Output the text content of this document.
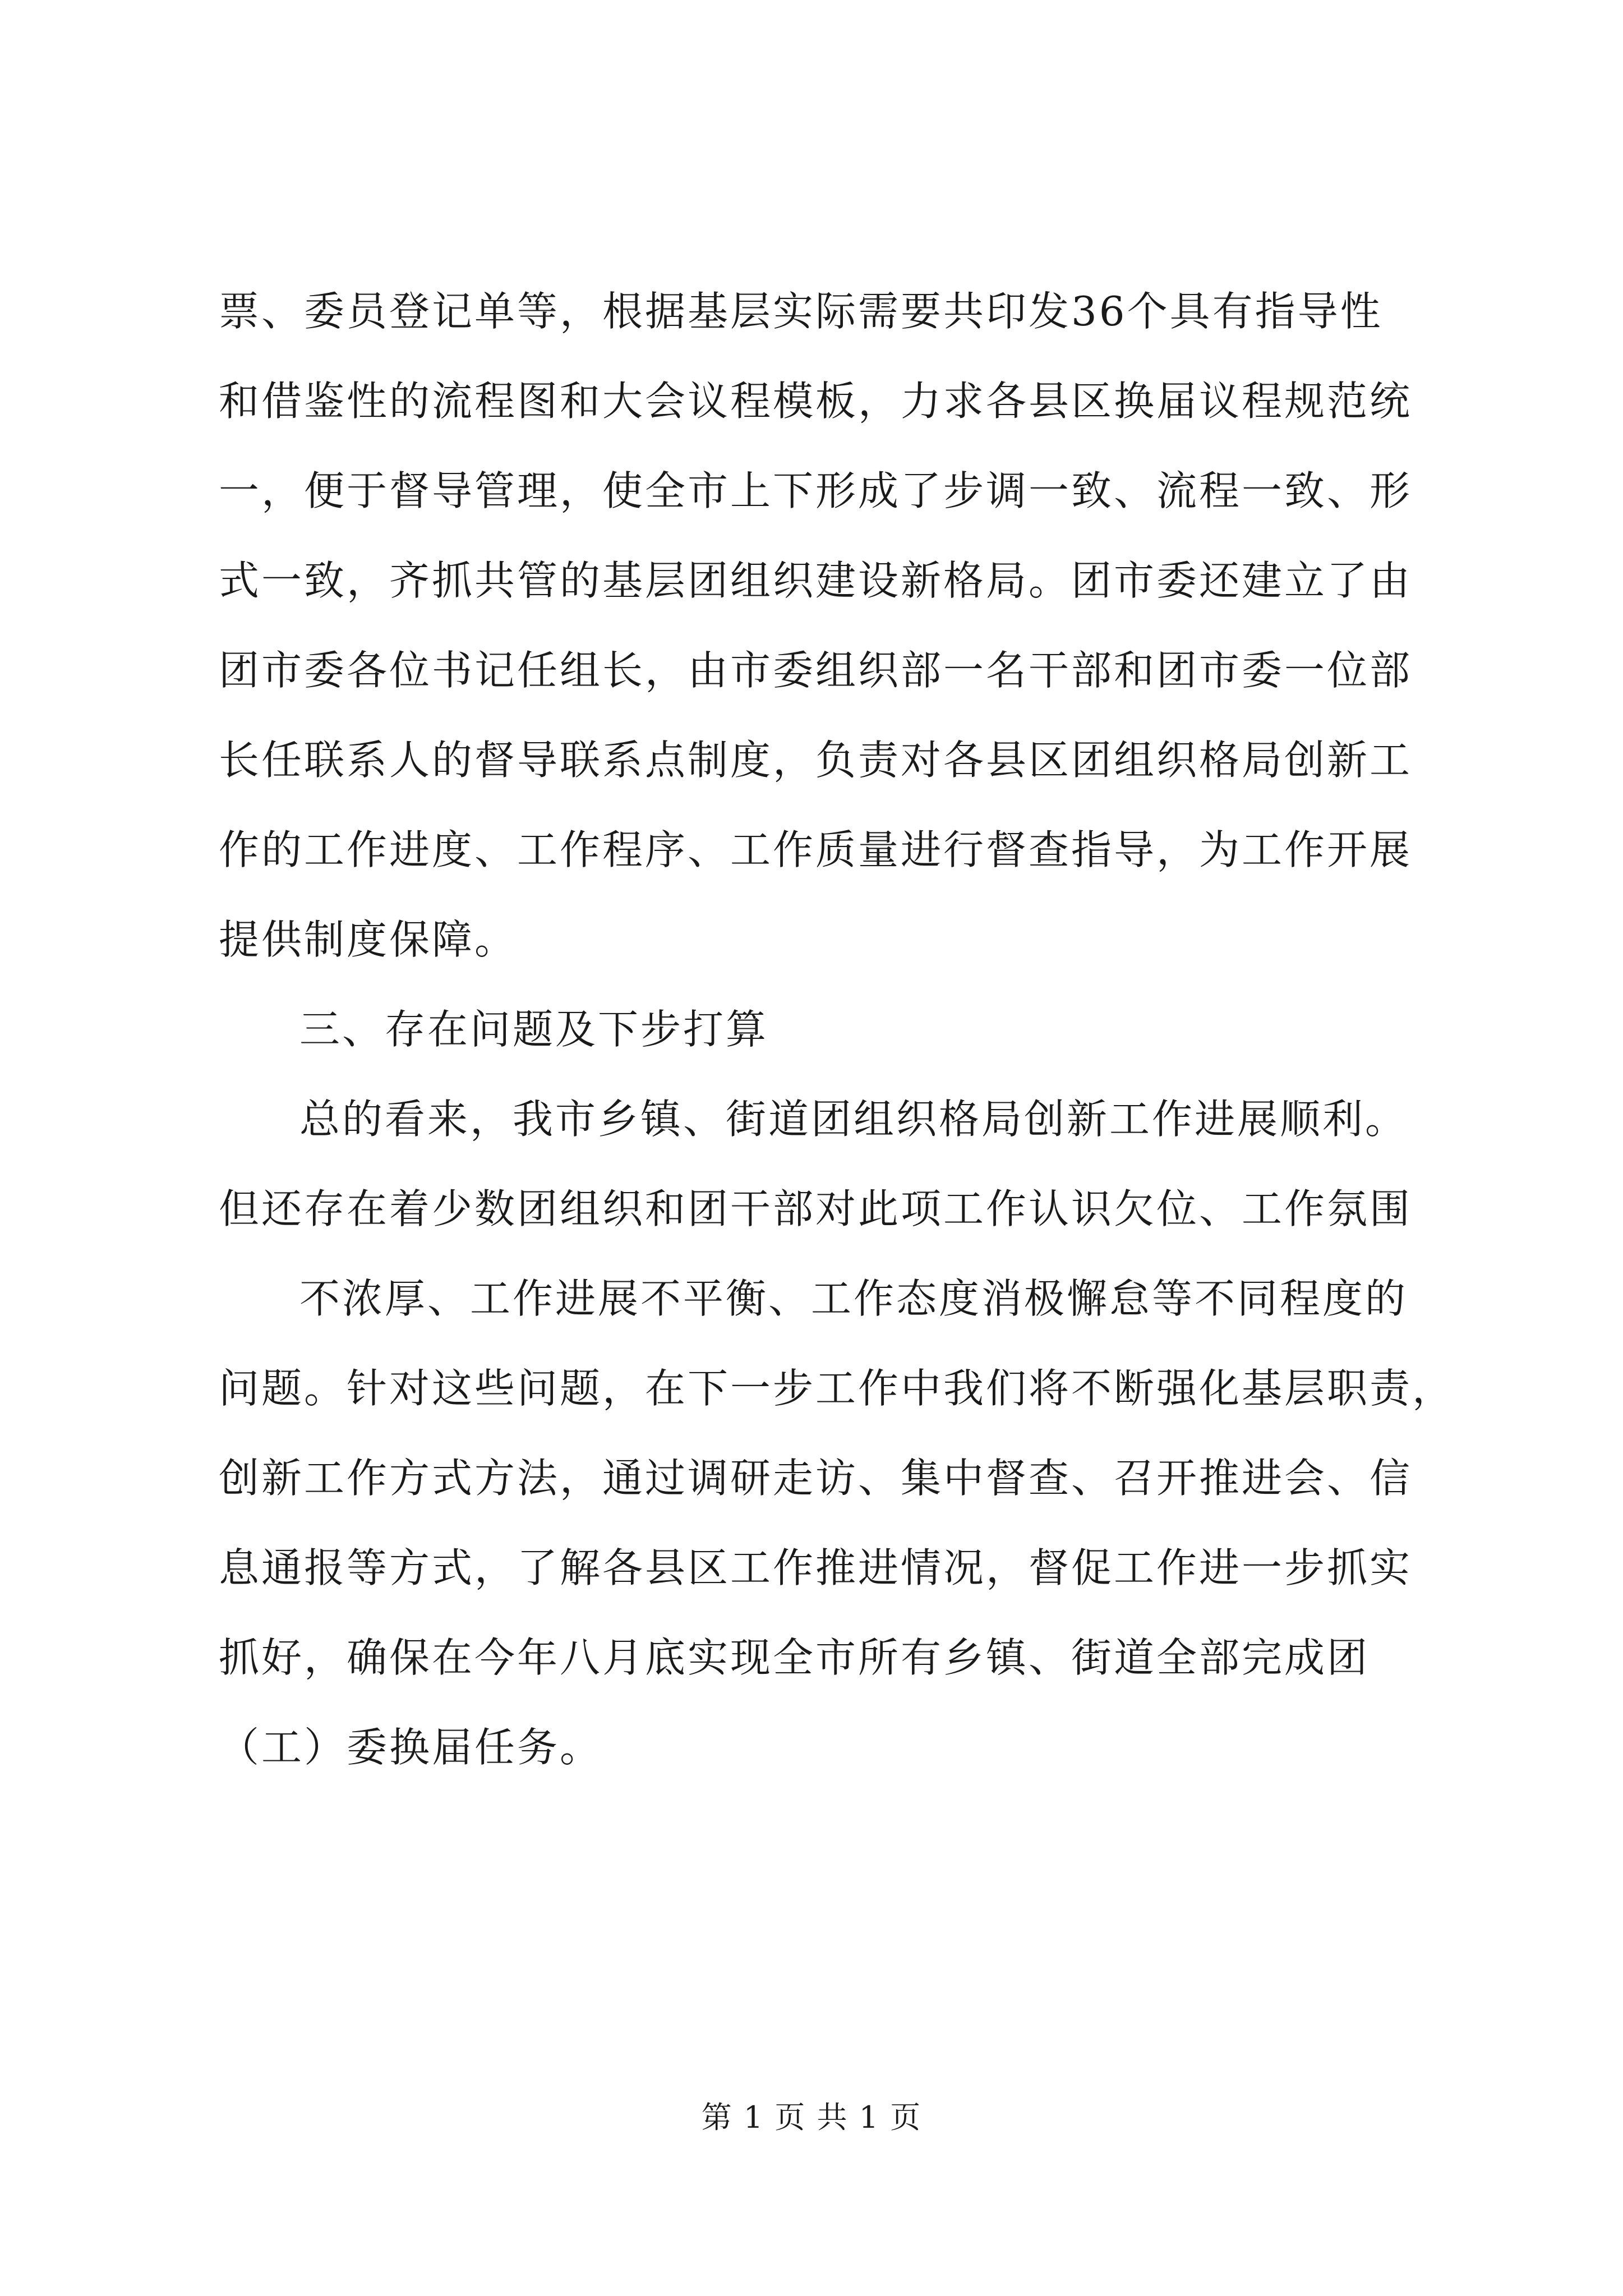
票、委员登记单等，根据基层实际需要共印发36个具有指导性
和借鉴性的流程图和大会议程模板，力求各县区换届议程规范统
一，便于督导管理，使全市上下形成了步调一致、流程一致、形
式一致，齐抓共管的基层团组织建设新格局。团市委还建立了由
团市委各位书记任组长，由市委组织部一名干部和团市委一位部
长任联系人的督导联系点制度，负责对各县区团组织格局创新工
作的工作进度、工作程序、工作质量进行督查指导，为工作开展
提供制度保障。
三、存在问题及下步打算
总的看来，我市乡镇、街道团组织格局创新工作进展顺利。
但还存在着少数团组织和团干部对此项工作认识欠位、工作氛围
不浓厚、工作进展不平衡、工作态度消极懈怠等不同程度的
问题。针对这些问题，在下一步工作中我们将不断强化基层职责，
创新工作方式方法，通过调研走访、集中督查、召开推进会、信
息通报等方式，了解各县区工作推进情况，督促工作进一步抓实
抓好，确保在今年八月底实现全市所有乡镇、街道全部完成团
（工）委换届任务。
第 1 页 共 1 页
